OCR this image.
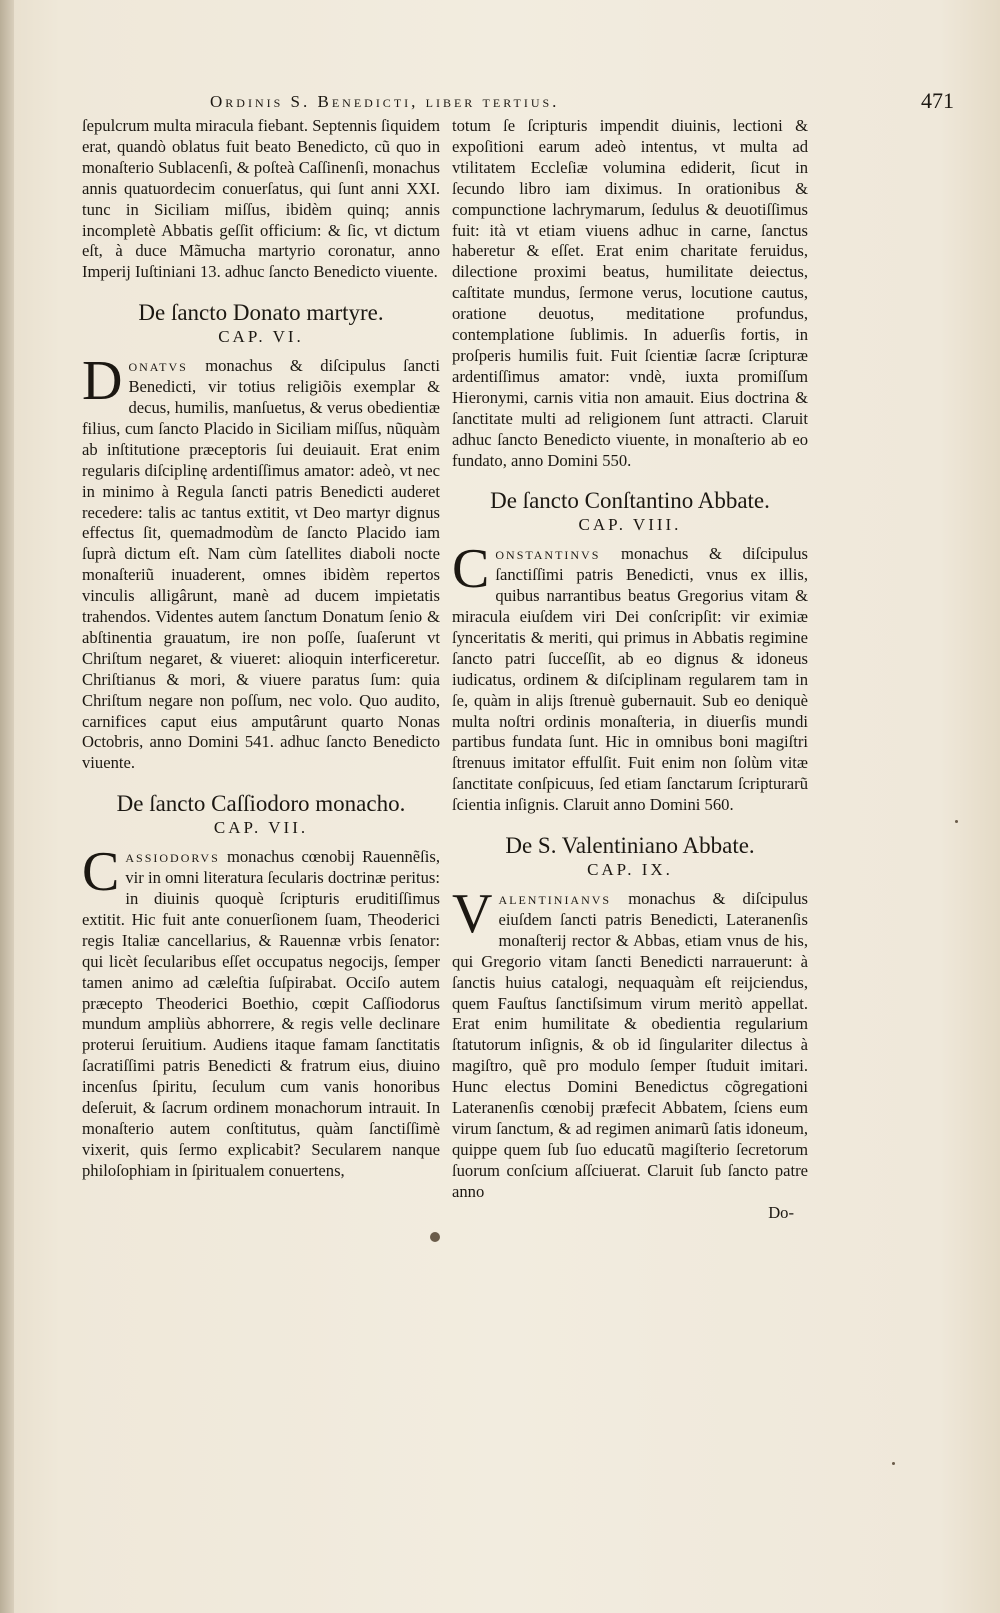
Ordinis S. Benedicti, liber tertius.	471

ſepulcrum multa miracula fiebant. Septennis ſiquidem erat, quandò oblatus fuit beato Benedicto, cũ quo in monaſterio Sublacenſi, & poſteà Caſſinenſi, monachus annis quatuordecim conuerſatus, qui ſunt anni XXI. tunc in Siciliam miſſus, ibidèm quinq; annis incompletè Abbatis geſſit officium: & ſic, vt dictum eſt, à duce Mãmucha martyrio coronatur, anno Imperij Iuſtiniani 13. adhuc ſancto Benedicto viuente.

De ſancto Donato martyre.
CAP. VI.

Donatvs monachus & diſcipulus ſancti Benedicti, vir totius religiõis exemplar & decus, humilis, manſuetus, & verus obedientiæ filius, cum ſancto Placido in Siciliam miſſus, nũquàm ab inſtitutione præceptoris ſui deuiauit. Erat enim regularis diſciplinę ardentiſſimus amator: adeò, vt nec in minimo à Regula ſancti patris Benedicti auderet recedere: talis ac tantus extitit, vt Deo martyr dignus effectus ſit, quemadmodùm de ſancto Placido iam ſuprà dictum eſt. Nam cùm ſatellites diaboli nocte monaſteriũ inuaderent, omnes ibidèm repertos vinculis alligârunt, manè ad ducem impietatis trahendos. Videntes autem ſanctum Donatum ſenio & abſtinentia grauatum, ire non poſſe, ſuaſerunt vt Chriſtum negaret, & viueret: alioquin interficeretur. Chriſtianus & mori, & viuere paratus ſum: quia Chriſtum negare non poſſum, nec volo. Quo audito, carnifices caput eius amputârunt quarto Nonas Octobris, anno Domini 541. adhuc ſancto Benedicto viuente.

De ſancto Caſſiodoro monacho.
CAP. VII.

Cassiodorvs monachus cœnobij Rauennẽſis, vir in omni literatura ſecularis doctrinæ peritus: in diuinis quoquè ſcripturis eruditiſſimus extitit. Hic fuit ante conuerſionem ſuam, Theoderici regis Italiæ cancellarius, & Rauennæ vrbis ſenator: qui licèt ſecularibus eſſet occupatus negocijs, ſemper tamen animo ad cæleſtia ſuſpirabat. Occiſo autem præcepto Theoderici Boethio, cœpit Caſſiodorus mundum ampliùs abhorrere, & regis velle declinare proterui ſeruitium. Audiens itaque famam ſanctitatis ſacratiſſimi patris Benedicti & fratrum eius, diuino incenſus ſpiritu, ſeculum cum vanis honoribus deſeruit, & ſacrum ordinem monachorum intrauit. In monaſterio autem conſtitutus, quàm ſanctiſſimè vixerit, quis ſermo explicabit? Secularem nanque philoſophiam in ſpiritualem conuertens,

totum ſe ſcripturis impendit diuinis, lectioni & expoſitioni earum adeò intentus, vt multa ad vtilitatem Eccleſiæ volumina ediderit, ſicut in ſecundo libro iam diximus. In orationibus & compunctione lachrymarum, ſedulus & deuotiſſimus fuit: ità vt etiam viuens adhuc in carne, ſanctus haberetur & eſſet. Erat enim charitate feruidus, dilectione proximi beatus, humilitate deiectus, caſtitate mundus, ſermone verus, locutione cautus, oratione deuotus, meditatione profundus, contemplatione ſublimis. In aduerſis fortis, in proſperis humilis fuit. Fuit ſcientiæ ſacræ ſcripturæ ardentiſſimus amator: vndè, iuxta promiſſum Hieronymi, carnis vitia non amauit. Eius doctrina & ſanctitate multi ad religionem ſunt attracti. Claruit adhuc ſancto Benedicto viuente, in monaſterio ab eo fundato, anno Domini 550.

De ſancto Conſtantino Abbate.
CAP. VIII.

Constantinvs monachus & diſcipulus ſanctiſſimi patris Benedicti, vnus ex illis, quibus narrantibus beatus Gregorius vitam & miracula eiuſdem viri Dei conſcripſit: vir eximiæ ſynceritatis & meriti, qui primus in Abbatis regimine ſancto patri ſucceſſit, ab eo dignus & idoneus iudicatus, ordinem & diſciplinam regularem tam in ſe, quàm in alijs ſtrenuè gubernauit. Sub eo deniquè multa noſtri ordinis monaſteria, in diuerſis mundi partibus fundata ſunt. Hic in omnibus boni magiſtri ſtrenuus imitator effulſit. Fuit enim non ſolùm vitæ ſanctitate conſpicuus, ſed etiam ſanctarum ſcripturarũ ſcientia inſignis. Claruit anno Domini 560.

De S. Valentiniano Abbate.
CAP. IX.

Valentinianvs monachus & diſcipulus eiuſdem ſancti patris Benedicti, Lateranenſis monaſterij rector & Abbas, etiam vnus de his, qui Gregorio vitam ſancti Benedicti narrauerunt: à ſanctis huius catalogi, nequaquàm eſt reijciendus, quem Fauſtus ſanctiſsimum virum meritò appellat. Erat enim humilitate & obedientia regularium ſtatutorum inſignis, & ob id ſingulariter dilectus à magiſtro, quẽ pro modulo ſemper ſtuduit imitari. Hunc electus Domini Benedictus cõgregationi Lateranenſis cœnobij præfecit Abbatem, ſciens eum virum ſanctum, & ad regimen animarũ ſatis idoneum, quippe quem ſub ſuo educatũ magiſterio ſecretorum ſuorum conſcium aſſciuerat. Claruit ſub ſancto patre anno

Do-
